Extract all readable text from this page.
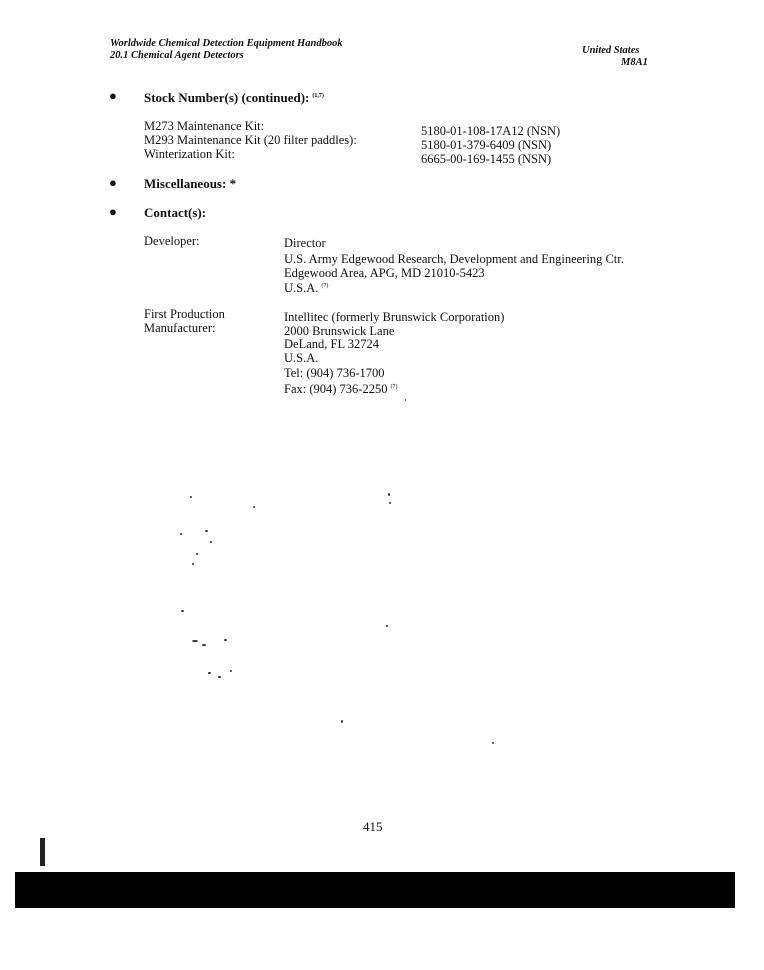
Worldwide Chemical Detection Equipment Handbook
20.1 Chemical Agent Detectors	United States
M8A1
● Stock Number(s) (continued): $^{(1,7)}$
M273 Maintenance Kit:
M293 Maintenance Kit (20 filter paddles):
Winterization Kit:
5180-01-108-17A12 (NSN)
5180-01-379-6409 (NSN)
6665-00-169-1455 (NSN)
● Miscellaneous: *
● Contact(s):
Developer:	Director
U.S. Army Edgewood Research, Development and Engineering Ctr.
Edgewood Area, APG, MD 21010-5423
U.S.A. $^{(7)}$
First Production
Manufacturer:
Intellitec (formerly Brunswick Corporation)
2000 Brunswick Lane
DeLand, FL 32724
U.S.A.
Tel: (904) 736-1700
Fax: (904) 736-2250 $^{(7)}$
415
